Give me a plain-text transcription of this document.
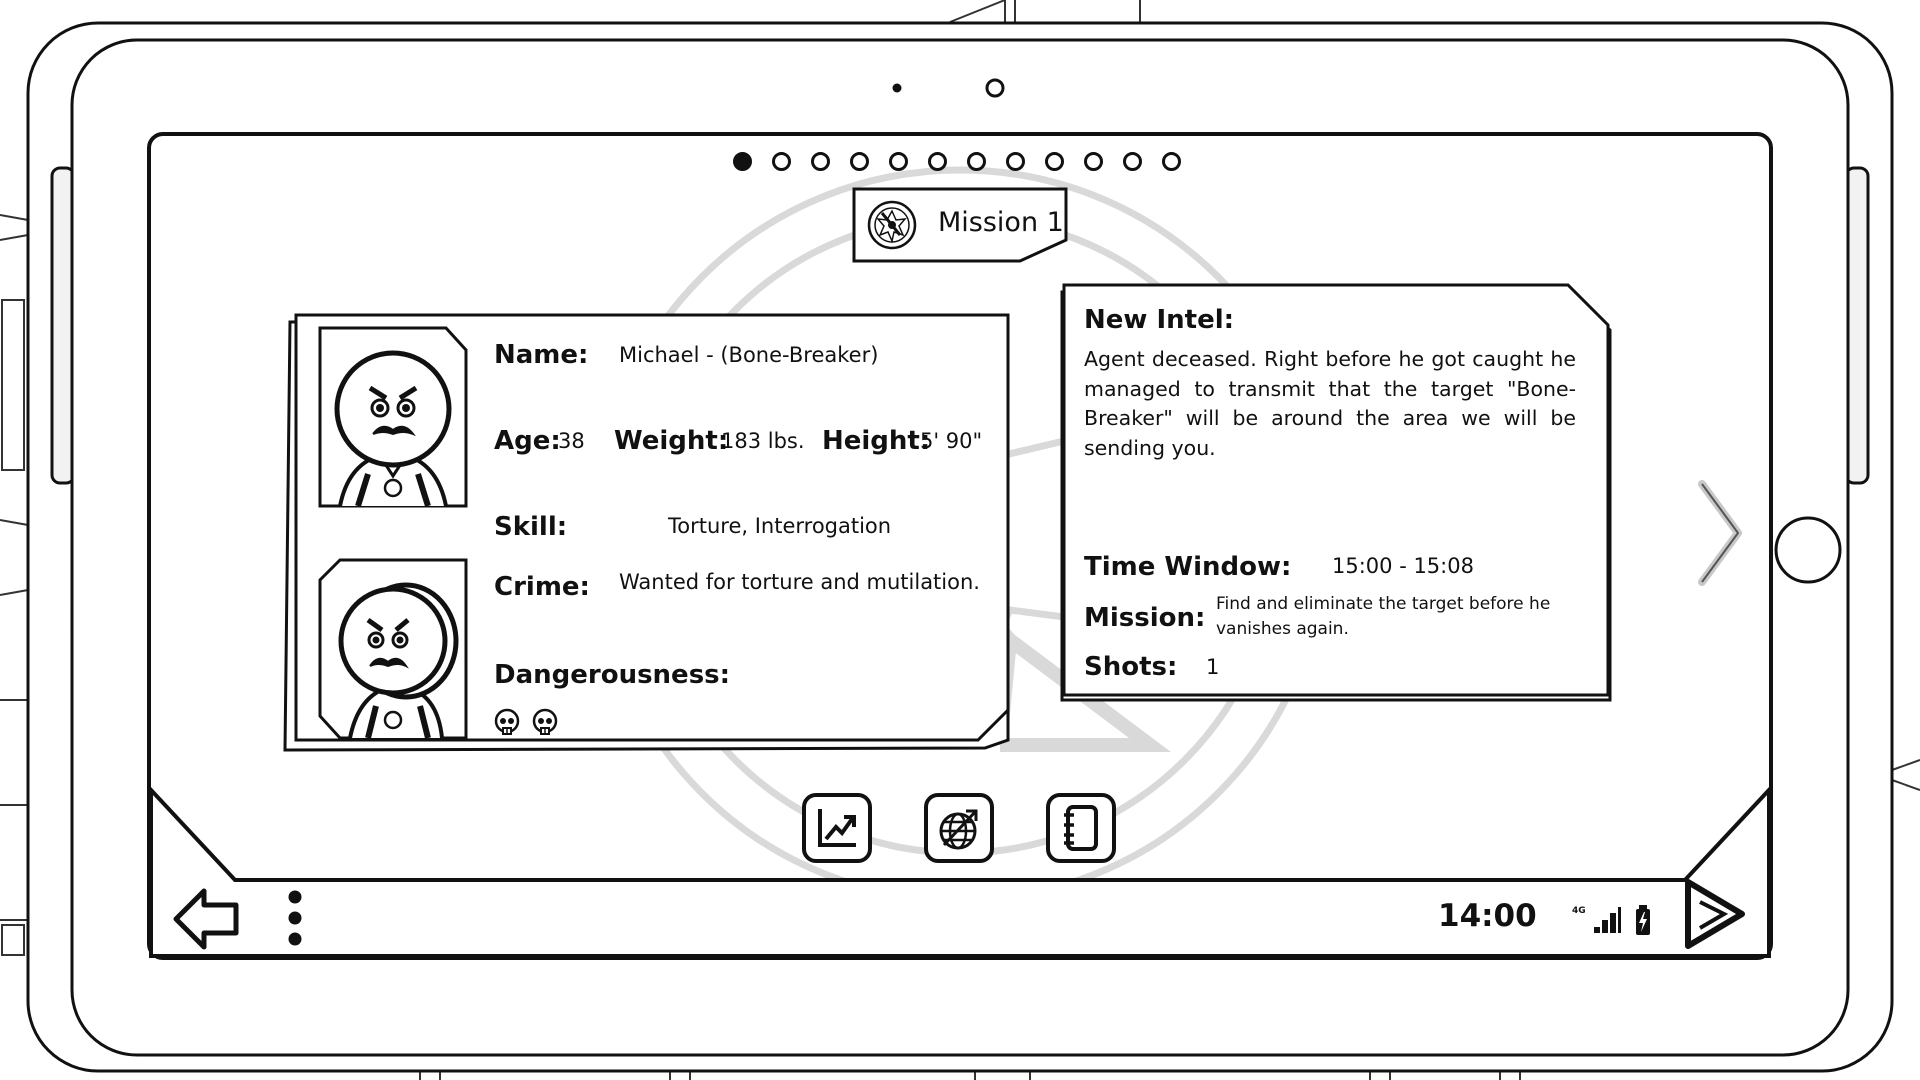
Mission 1
Name: Michael - (Bone-Breaker)
Age:
38 Weight:
183 lbs. Height:
5' 90"
Skill:	Torture, Interrogation
Crime: Wanted for torture and mutilation.
Dangerousness:
New Intel:
Agent deceased. Right before he got caught he managed to transmit that the target "Bone-Breaker" will be around the area we will be sending you.
Time Window: 15:00 - 15:08
Mission: Find and eliminate the target before he vanishes again.
Shots: 1
14:00	4G
